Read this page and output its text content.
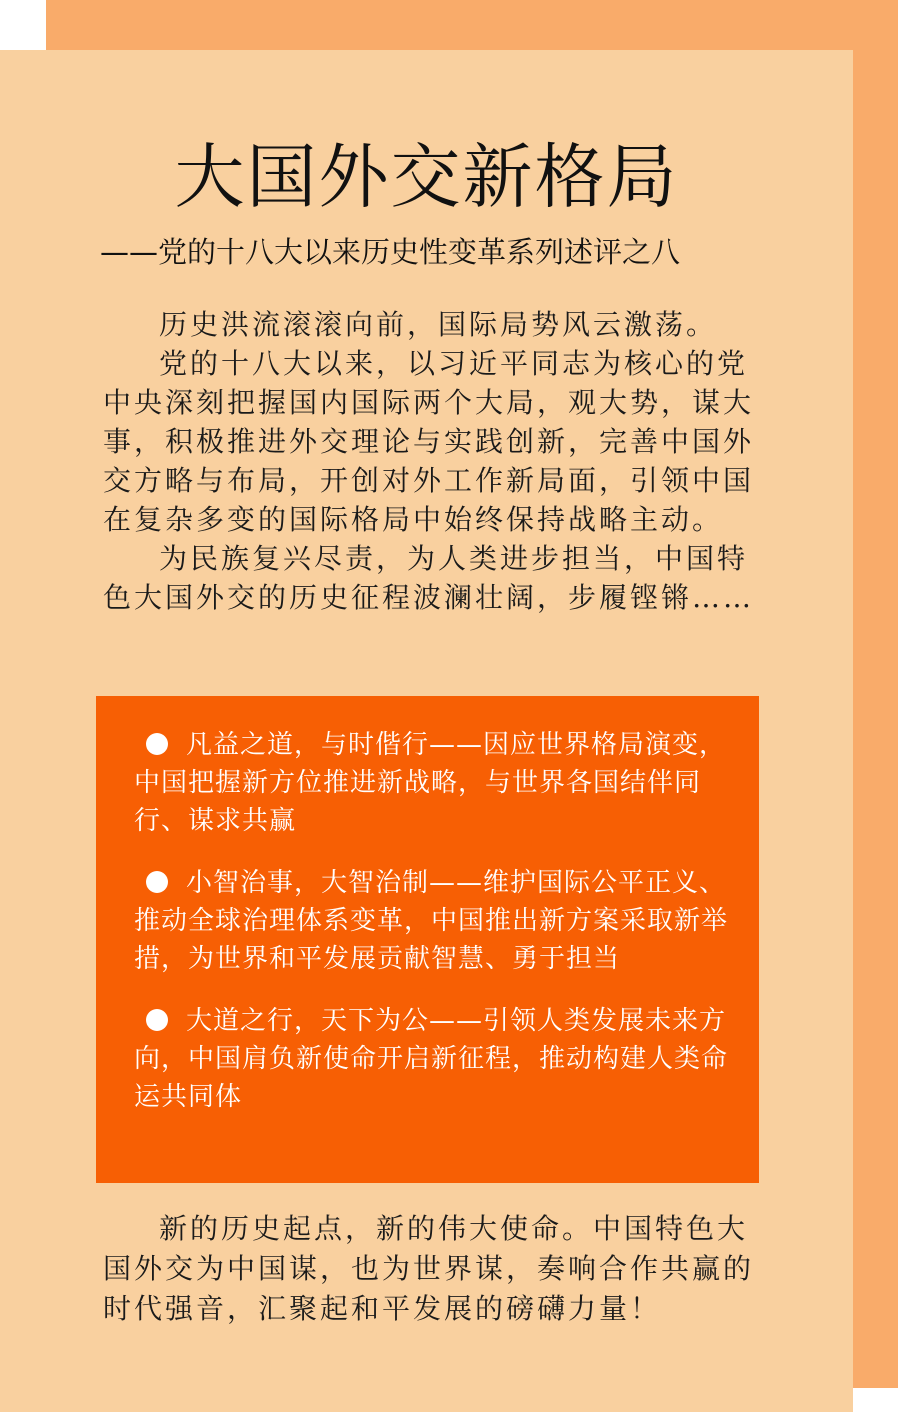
大国外交新格局
——党的十八大以来历史性变革系列述评之八

历史洪流滚滚向前，国际局势风云激荡。

党的十八大以来，以习近平同志为核心的党中央深刻把握国内国际两个大局，观大势，谋大事，积极推进外交理论与实践创新，完善中国外交方略与布局，开创对外工作新局面，引领中国在复杂多变的国际格局中始终保持战略主动。

为民族复兴尽责，为人类进步担当，中国特色大国外交的历史征程波澜壮阔，步履铿锵……

凡益之道，与时偕行——因应世界格局演变，中国把握新方位推进新战略，与世界各国结伴同行、谋求共赢

小智治事，大智治制——维护国际公平正义、推动全球治理体系变革，中国推出新方案采取新举措，为世界和平发展贡献智慧、勇于担当

大道之行，天下为公——引领人类发展未来方向，中国肩负新使命开启新征程，推动构建人类命运共同体

新的历史起点，新的伟大使命。中国特色大国外交为中国谋，也为世界谋，奏响合作共赢的时代强音，汇聚起和平发展的磅礴力量！
